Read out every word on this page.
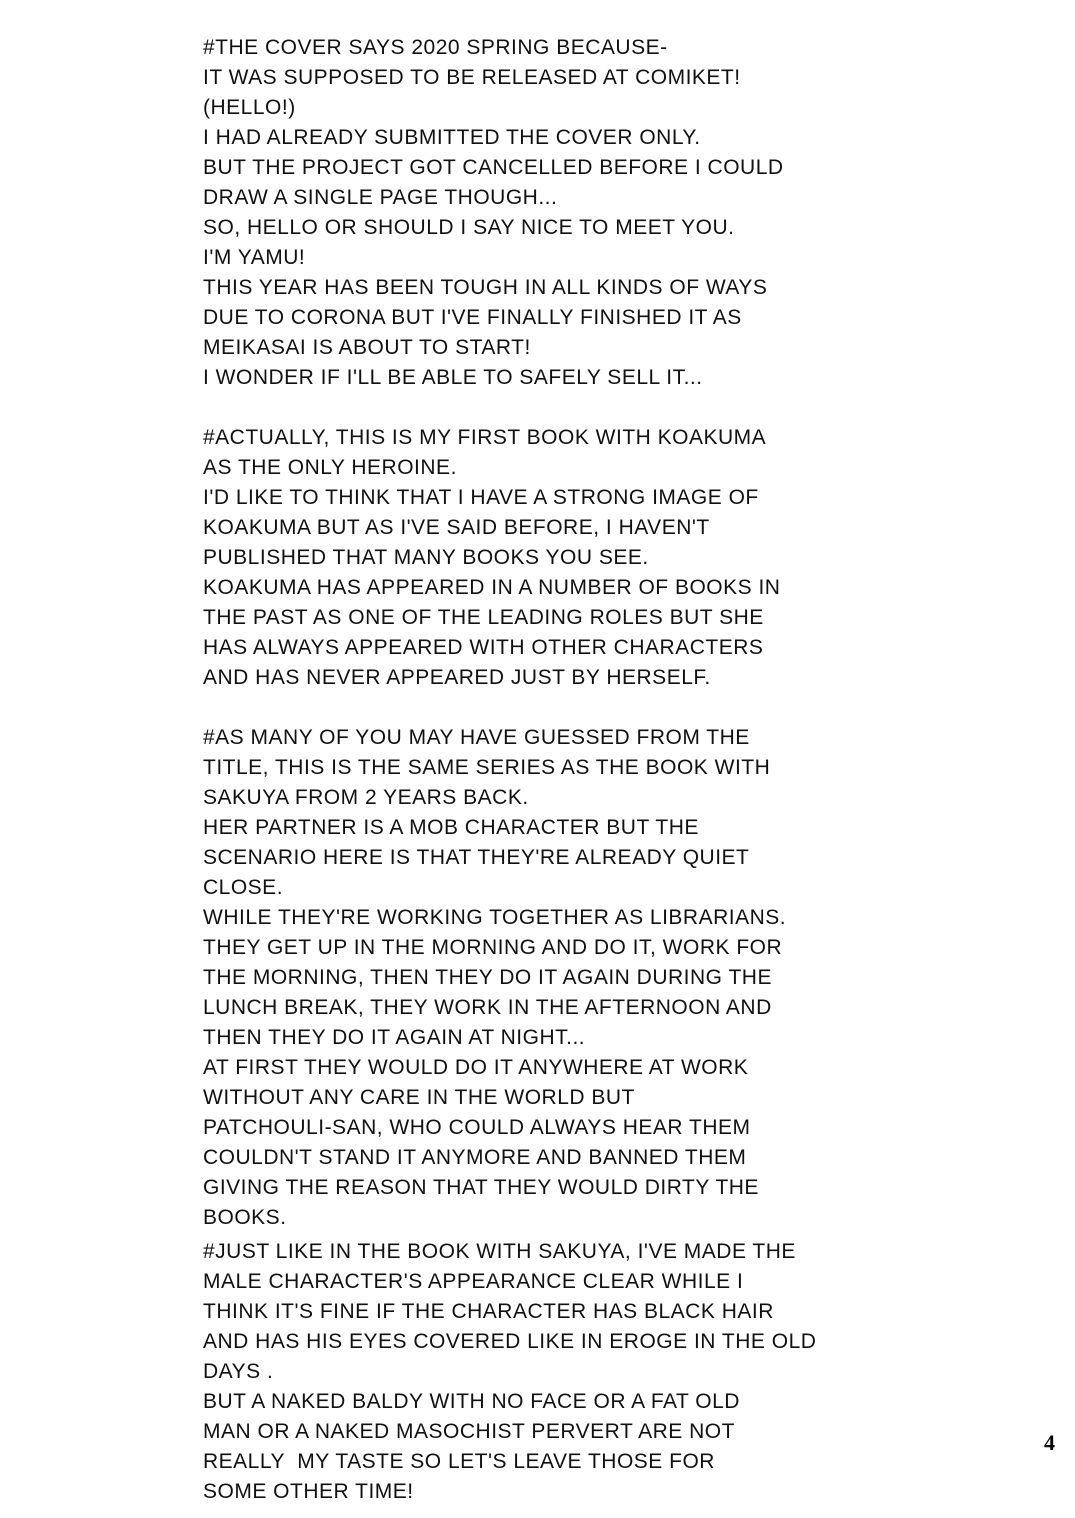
#THE COVER SAYS 2020 SPRING BECAUSE-
IT WAS SUPPOSED TO BE RELEASED AT COMIKET!
(HELLO!)
I HAD ALREADY SUBMITTED THE COVER ONLY.
BUT THE PROJECT GOT CANCELLED BEFORE I COULD
DRAW A SINGLE PAGE THOUGH...
SO, HELLO OR SHOULD I SAY NICE TO MEET YOU.
I'M YAMU!
THIS YEAR HAS BEEN TOUGH IN ALL KINDS OF WAYS
DUE TO CORONA BUT I'VE FINALLY FINISHED IT AS
MEIKASAI IS ABOUT TO START!
I WONDER IF I'LL BE ABLE TO SAFELY SELL IT...
#ACTUALLY, THIS IS MY FIRST BOOK WITH KOAKUMA
AS THE ONLY HEROINE.
I'D LIKE TO THINK THAT I HAVE A STRONG IMAGE OF
KOAKUMA BUT AS I'VE SAID BEFORE, I HAVEN'T
PUBLISHED THAT MANY BOOKS YOU SEE.
KOAKUMA HAS APPEARED IN A NUMBER OF BOOKS IN
THE PAST AS ONE OF THE LEADING ROLES BUT SHE
HAS ALWAYS APPEARED WITH OTHER CHARACTERS
AND HAS NEVER APPEARED JUST BY HERSELF.
#AS MANY OF YOU MAY HAVE GUESSED FROM THE
TITLE, THIS IS THE SAME SERIES AS THE BOOK WITH
SAKUYA FROM 2 YEARS BACK.
HER PARTNER IS A MOB CHARACTER BUT THE
SCENARIO HERE IS THAT THEY'RE ALREADY QUIET
CLOSE.
WHILE THEY'RE WORKING TOGETHER AS LIBRARIANS.
THEY GET UP IN THE MORNING AND DO IT, WORK FOR
THE MORNING, THEN THEY DO IT AGAIN DURING THE
LUNCH BREAK, THEY WORK IN THE AFTERNOON AND
THEN THEY DO IT AGAIN AT NIGHT...
AT FIRST THEY WOULD DO IT ANYWHERE AT WORK
WITHOUT ANY CARE IN THE WORLD BUT
PATCHOULI-SAN, WHO COULD ALWAYS HEAR THEM
COULDN'T STAND IT ANYMORE AND BANNED THEM
GIVING THE REASON THAT THEY WOULD DIRTY THE
BOOKS.
#JUST LIKE IN THE BOOK WITH SAKUYA, I'VE MADE THE
MALE CHARACTER'S APPEARANCE CLEAR WHILE I
THINK IT'S FINE IF THE CHARACTER HAS BLACK HAIR
AND HAS HIS EYES COVERED LIKE IN EROGE IN THE OLD
DAYS .
BUT A NAKED BALDY WITH NO FACE OR A FAT OLD
MAN OR A NAKED MASOCHIST PERVERT ARE NOT
REALLY  MY TASTE SO LET'S LEAVE THOSE FOR
SOME OTHER TIME!
4
